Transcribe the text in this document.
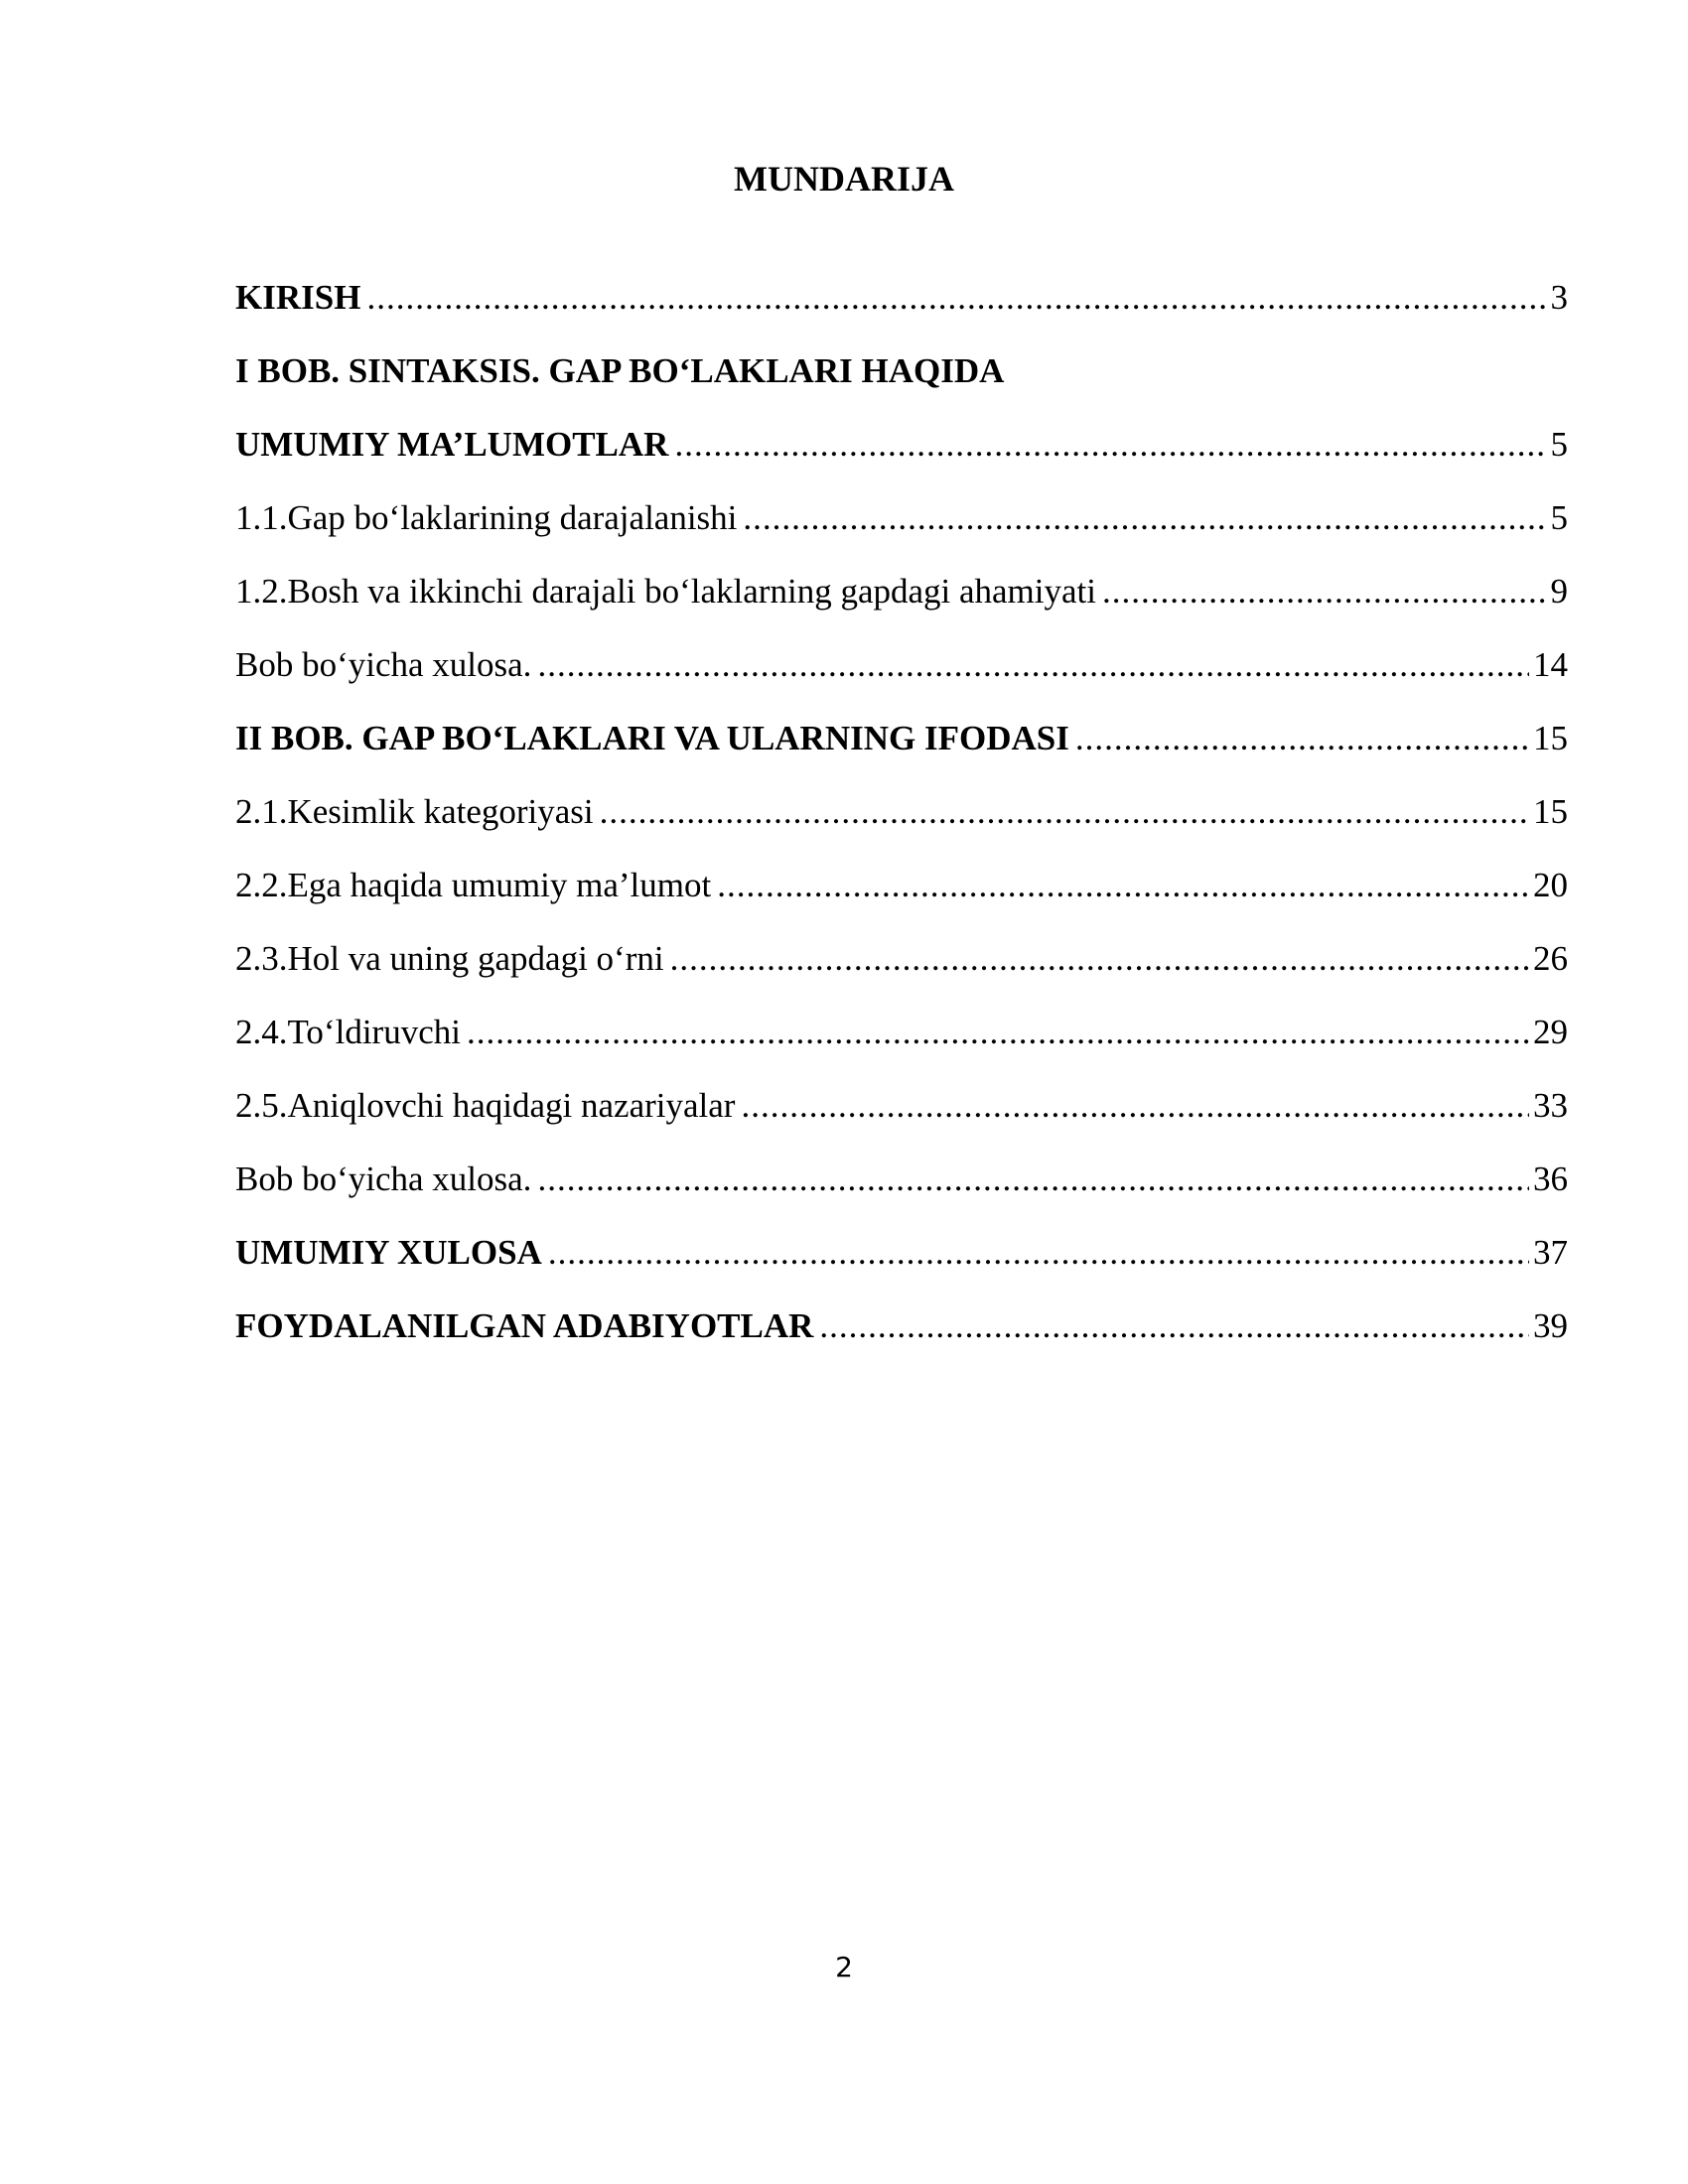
MUNDARIJA
KIRISH .....	3
I BOB. SINTAKSIS. GAP BO‘LAKLARI HAQIDA
UMUMIY MA’LUMOTLAR .....	5
1.1.Gap bo‘laklarining darajalanishi .....	5
1.2.Bosh va ikkinchi darajali bo‘laklarning gapdagi ahamiyati .....	9
Bob bo‘yicha xulosa. .....	14
II BOB. GAP BO‘LAKLARI VA ULARNING IFODASI .....	15
2.1.Kesimlik kategoriyasi .....	15
2.2.Ega haqida umumiy ma’lumot .....	20
2.3.Hol va uning gapdagi o‘rni .....	26
2.4.To‘ldiruvchi .....	29
2.5.Aniqlovchi haqidagi nazariyalar .....	33
Bob bo‘yicha xulosa. .....	36
UMUMIY XULOSA .....	37
FOYDALANILGAN ADABIYOTLAR .....	39
2
